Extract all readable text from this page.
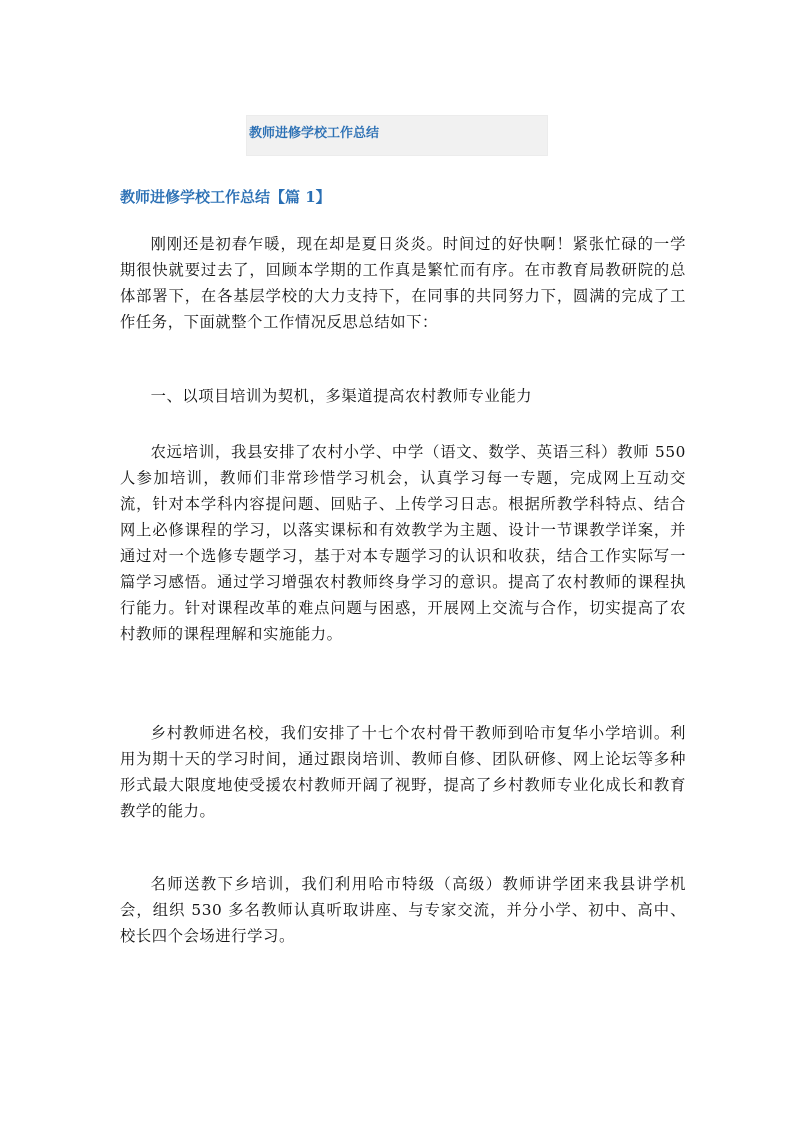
教师进修学校工作总结
教师进修学校工作总结【篇 1】

刚刚还是初春乍暖，现在却是夏日炎炎。时间过的好快啊！紧张忙碌的一学期很快就要过去了，回顾本学期的工作真是繁忙而有序。在市教育局教研院的总体部署下，在各基层学校的大力支持下，在同事的共同努力下，圆满的完成了工作任务，下面就整个工作情况反思总结如下：

一、以项目培训为契机，多渠道提高农村教师专业能力

农远培训，我县安排了农村小学、中学（语文、数学、英语三科）教师 550 人参加培训，教师们非常珍惜学习机会，认真学习每一专题，完成网上互动交流，针对本学科内容提问题、回贴子、上传学习日志。根据所教学科特点、结合网上必修课程的学习，以落实课标和有效教学为主题、设计一节课教学详案，并通过对一个选修专题学习，基于对本专题学习的认识和收获，结合工作实际写一篇学习感悟。通过学习增强农村教师终身学习的意识。提高了农村教师的课程执行能力。针对课程改革的难点问题与困惑，开展网上交流与合作，切实提高了农村教师的课程理解和实施能力。

乡村教师进名校，我们安排了十七个农村骨干教师到哈市复华小学培训。利用为期十天的学习时间，通过跟岗培训、教师自修、团队研修、网上论坛等多种形式最大限度地使受援农村教师开阔了视野，提高了乡村教师专业化成长和教育教学的能力。

名师送教下乡培训，我们利用哈市特级（高级）教师讲学团来我县讲学机会，组织 530 多名教师认真听取讲座、与专家交流，并分小学、初中、高中、校长四个会场进行学习。
